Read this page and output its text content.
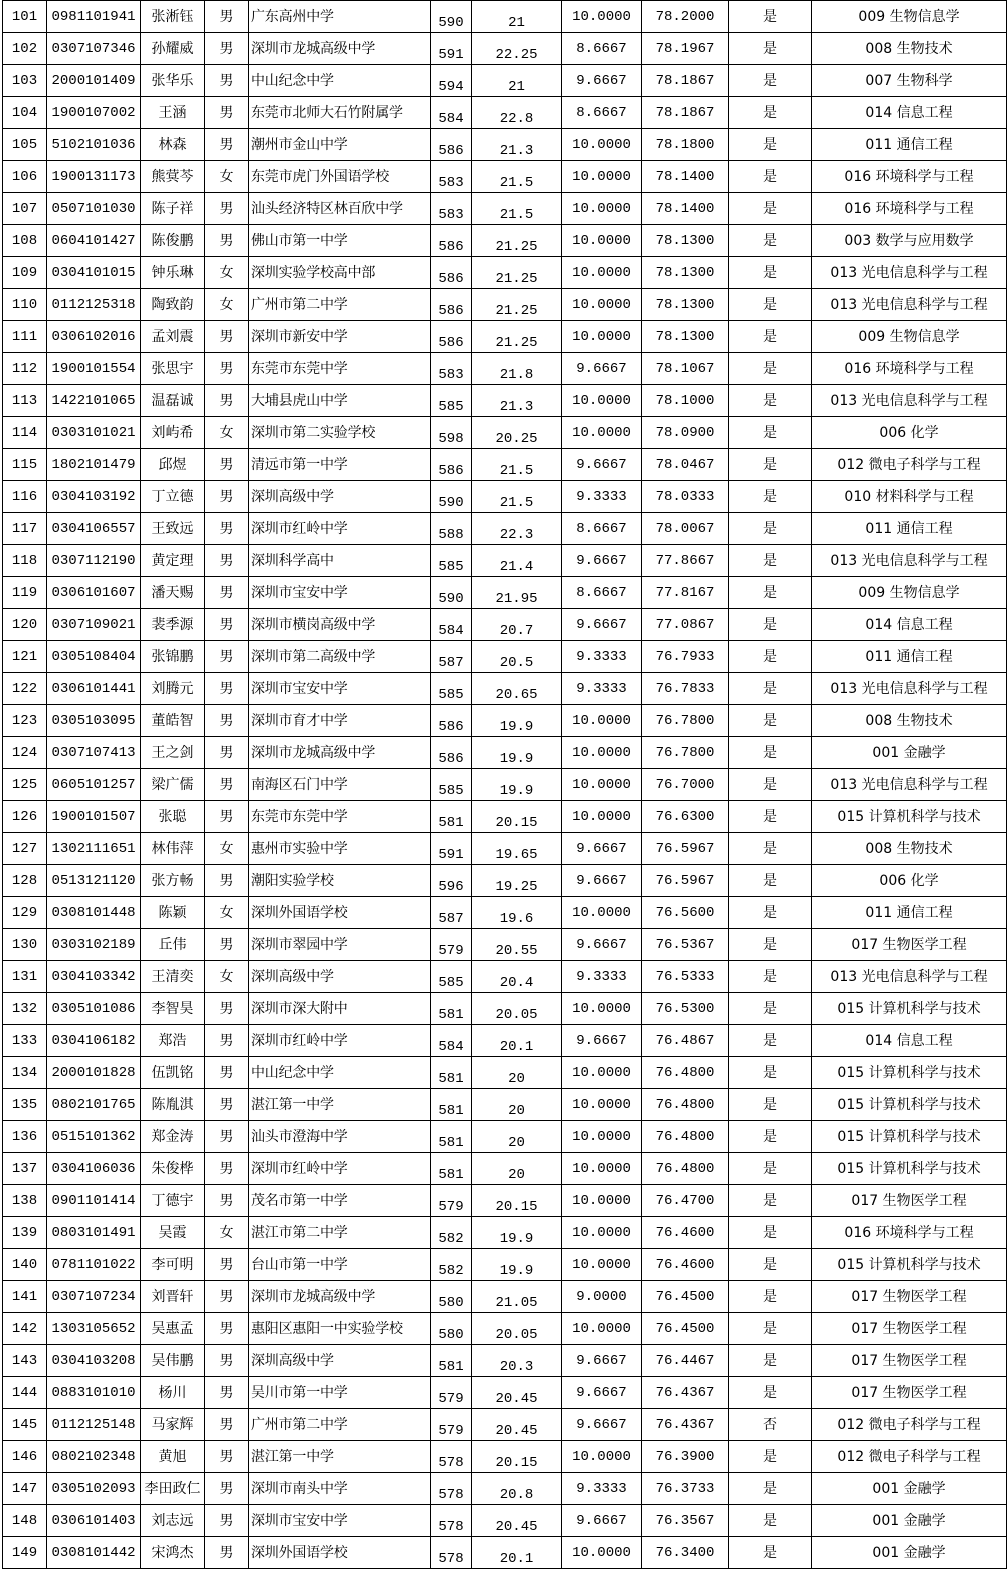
101	0981101941	张淅钰	男	广东高州中学	590	21	10.0000	78.2000	是	009 生物信息学
102	0307107346	孙耀威	男	深圳市龙城高级中学	591	22.25	8.6667	78.1967	是	008 生物技术
103	2000101409	张华乐	男	中山纪念中学	594	21	9.6667	78.1867	是	007 生物科学
104	1900107002	王涵	男	东莞市北师大石竹附属学	584	22.8	8.6667	78.1867	是	014 信息工程
105	5102101036	林森	男	潮州市金山中学	586	21.3	10.0000	78.1800	是	011 通信工程
106	1900131173	熊蓂芩	女	东莞市虎门外国语学校	583	21.5	10.0000	78.1400	是	016 环境科学与工程
107	0507101030	陈子祥	男	汕头经济特区林百欣中学	583	21.5	10.0000	78.1400	是	016 环境科学与工程
108	0604101427	陈俊鹏	男	佛山市第一中学	586	21.25	10.0000	78.1300	是	003 数学与应用数学
109	0304101015	钟乐琳	女	深圳实验学校高中部	586	21.25	10.0000	78.1300	是	013 光电信息科学与工程
110	0112125318	陶致韵	女	广州市第二中学	586	21.25	10.0000	78.1300	是	013 光电信息科学与工程
111	0306102016	孟刘震	男	深圳市新安中学	586	21.25	10.0000	78.1300	是	009 生物信息学
112	1900101554	张思宇	男	东莞市东莞中学	583	21.8	9.6667	78.1067	是	016 环境科学与工程
113	1422101065	温磊诚	男	大埔县虎山中学	585	21.3	10.0000	78.1000	是	013 光电信息科学与工程
114	0303101021	刘屿希	女	深圳市第二实验学校	598	20.25	10.0000	78.0900	是	006 化学
115	1802101479	邱煜	男	清远市第一中学	586	21.5	9.6667	78.0467	是	012 微电子科学与工程
116	0304103192	丁立德	男	深圳高级中学	590	21.5	9.3333	78.0333	是	010 材料科学与工程
117	0304106557	王致远	男	深圳市红岭中学	588	22.3	8.6667	78.0067	是	011 通信工程
118	0307112190	黄定理	男	深圳科学高中	585	21.4	9.6667	77.8667	是	013 光电信息科学与工程
119	0306101607	潘天赐	男	深圳市宝安中学	590	21.95	8.6667	77.8167	是	009 生物信息学
120	0307109021	裴季源	男	深圳市横岗高级中学	584	20.7	9.6667	77.0867	是	014 信息工程
121	0305108404	张锦鹏	男	深圳市第二高级中学	587	20.5	9.3333	76.7933	是	011 通信工程
122	0306101441	刘腾元	男	深圳市宝安中学	585	20.65	9.3333	76.7833	是	013 光电信息科学与工程
123	0305103095	董皓智	男	深圳市育才中学	586	19.9	10.0000	76.7800	是	008 生物技术
124	0307107413	王之剑	男	深圳市龙城高级中学	586	19.9	10.0000	76.7800	是	001 金融学
125	0605101257	梁广儒	男	南海区石门中学	585	19.9	10.0000	76.7000	是	013 光电信息科学与工程
126	1900101507	张聪	男	东莞市东莞中学	581	20.15	10.0000	76.6300	是	015 计算机科学与技术
127	1302111651	林伟萍	女	惠州市实验中学	591	19.65	9.6667	76.5967	是	008 生物技术
128	0513121120	张方畅	男	潮阳实验学校	596	19.25	9.6667	76.5967	是	006 化学
129	0308101448	陈颖	女	深圳外国语学校	587	19.6	10.0000	76.5600	是	011 通信工程
130	0303102189	丘伟	男	深圳市翠园中学	579	20.55	9.6667	76.5367	是	017 生物医学工程
131	0304103342	王清奕	女	深圳高级中学	585	20.4	9.3333	76.5333	是	013 光电信息科学与工程
132	0305101086	李智昊	男	深圳市深大附中	581	20.05	10.0000	76.5300	是	015 计算机科学与技术
133	0304106182	郑浩	男	深圳市红岭中学	584	20.1	9.6667	76.4867	是	014 信息工程
134	2000101828	伍凯铭	男	中山纪念中学	581	20	10.0000	76.4800	是	015 计算机科学与技术
135	0802101765	陈胤淇	男	湛江第一中学	581	20	10.0000	76.4800	是	015 计算机科学与技术
136	0515101362	郑金涛	男	汕头市澄海中学	581	20	10.0000	76.4800	是	015 计算机科学与技术
137	0304106036	朱俊桦	男	深圳市红岭中学	581	20	10.0000	76.4800	是	015 计算机科学与技术
138	0901101414	丁德宇	男	茂名市第一中学	579	20.15	10.0000	76.4700	是	017 生物医学工程
139	0803101491	吴霞	女	湛江市第二中学	582	19.9	10.0000	76.4600	是	016 环境科学与工程
140	0781101022	李可明	男	台山市第一中学	582	19.9	10.0000	76.4600	是	015 计算机科学与技术
141	0307107234	刘晋轩	男	深圳市龙城高级中学	580	21.05	9.0000	76.4500	是	017 生物医学工程
142	1303105652	吴惠孟	男	惠阳区惠阳一中实验学校	580	20.05	10.0000	76.4500	是	017 生物医学工程
143	0304103208	吴伟鹏	男	深圳高级中学	581	20.3	9.6667	76.4467	是	017 生物医学工程
144	0883101010	杨川	男	吴川市第一中学	579	20.45	9.6667	76.4367	是	017 生物医学工程
145	0112125148	马家辉	男	广州市第二中学	579	20.45	9.6667	76.4367	否	012 微电子科学与工程
146	0802102348	黄旭	男	湛江第一中学	578	20.15	10.0000	76.3900	是	012 微电子科学与工程
147	0305102093	李田政仁	男	深圳市南头中学	578	20.8	9.3333	76.3733	是	001 金融学
148	0306101403	刘志远	男	深圳市宝安中学	578	20.45	9.6667	76.3567	是	001 金融学
149	0308101442	宋鸿杰	男	深圳外国语学校	578	20.1	10.0000	76.3400	是	001 金融学
